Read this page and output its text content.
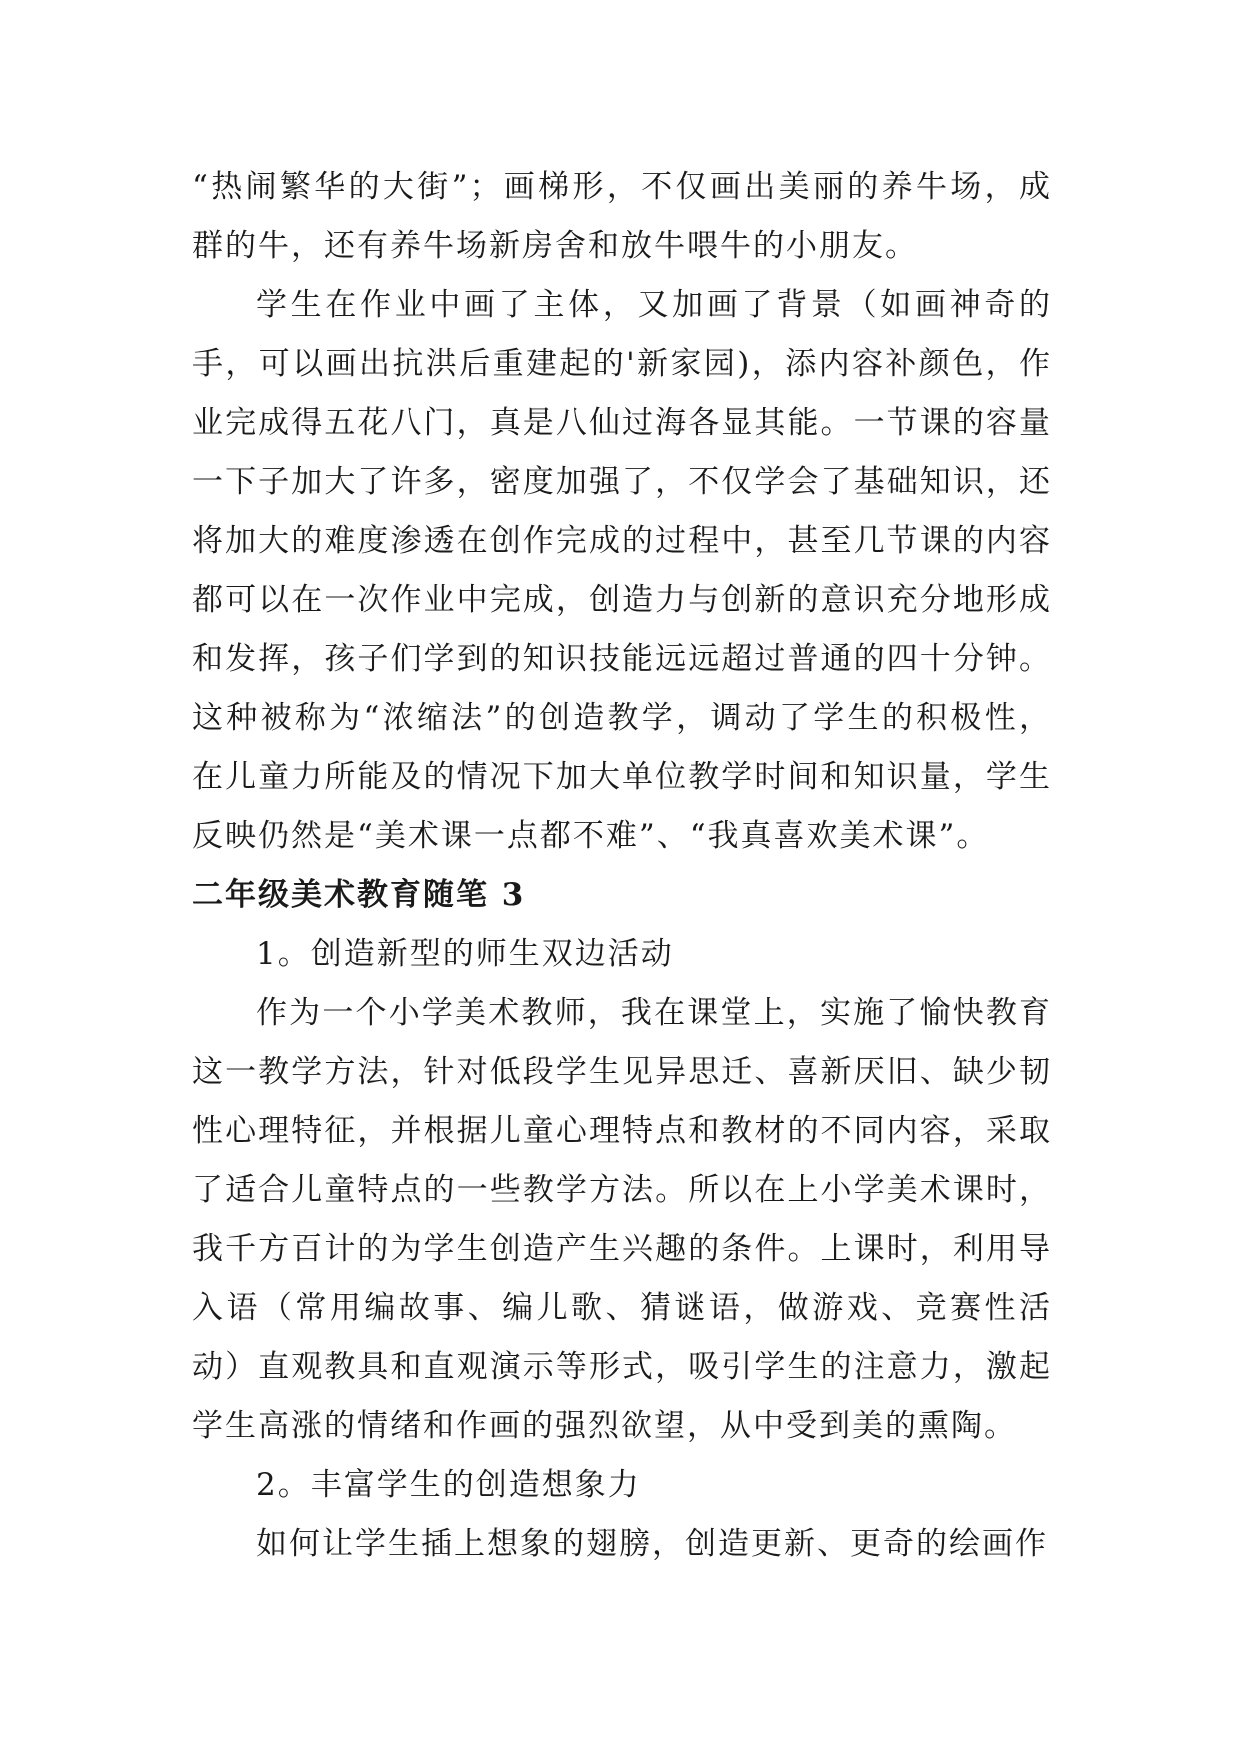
“热闹繁华的大街”；画梯形，不仅画出美丽的养牛场，成群的牛，还有养牛场新房舍和放牛喂牛的小朋友。

学生在作业中画了主体，又加画了背景（如画神奇的手，可以画出抗洪后重建起的'新家园)，添内容补颜色，作业完成得五花八门，真是八仙过海各显其能。一节课的容量一下子加大了许多，密度加强了，不仅学会了基础知识，还将加大的难度渗透在创作完成的过程中，甚至几节课的内容都可以在一次作业中完成，创造力与创新的意识充分地形成和发挥，孩子们学到的知识技能远远超过普通的四十分钟。这种被称为“浓缩法”的创造教学，调动了学生的积极性，在儿童力所能及的情况下加大单位教学时间和知识量，学生反映仍然是“美术课一点都不难”、“我真喜欢美术课”。

二年级美术教育随笔 3

1。创造新型的师生双边活动

作为一个小学美术教师，我在课堂上，实施了愉快教育这一教学方法，针对低段学生见异思迁、喜新厌旧、缺少韧性心理特征，并根据儿童心理特点和教材的不同内容，采取了适合儿童特点的一些教学方法。所以在上小学美术课时，我千方百计的为学生创造产生兴趣的条件。上课时，利用导入语（常用编故事、编儿歌、猜谜语，做游戏、竞赛性活动）直观教具和直观演示等形式，吸引学生的注意力，激起学生高涨的情绪和作画的强烈欲望，从中受到美的熏陶。

2。丰富学生的创造想象力

如何让学生插上想象的翅膀，创造更新、更奇的绘画作
